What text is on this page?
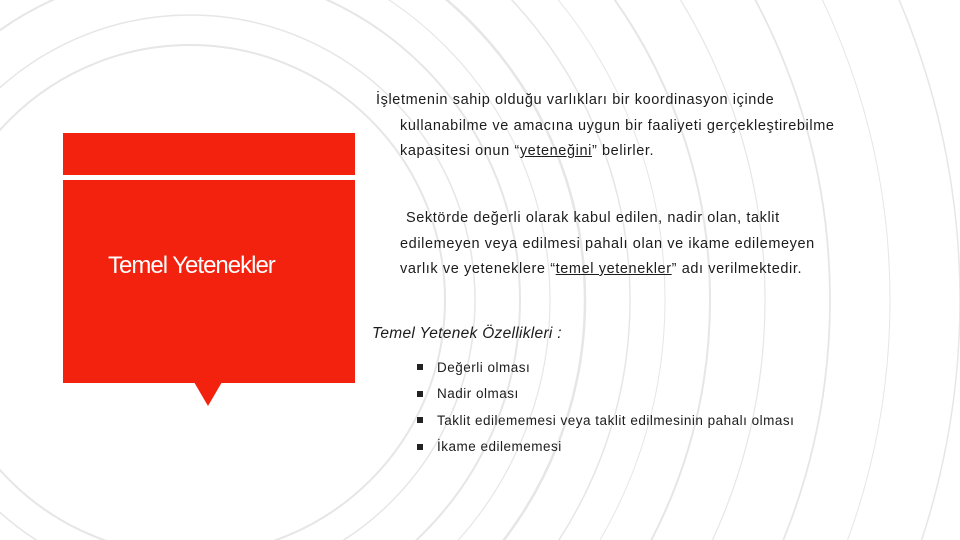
Temel Yetenekler
İşletmenin sahip olduğu varlıkları bir koordinasyon içinde
kullanabilme ve amacına uygun bir faaliyeti gerçekleştirebilme
kapasitesi onun “yeteneğini” belirler.
Sektörde değerli olarak kabul edilen, nadir olan, taklit
edilemeyen veya edilmesi pahalı olan ve ikame edilemeyen
varlık ve yeteneklere “temel yetenekler” adı verilmektedir.
Temel Yetenek Özellikleri :
Değerli olması
Nadir olması
Taklit edilememesi veya taklit edilmesinin pahalı olması
İkame edilememesi
